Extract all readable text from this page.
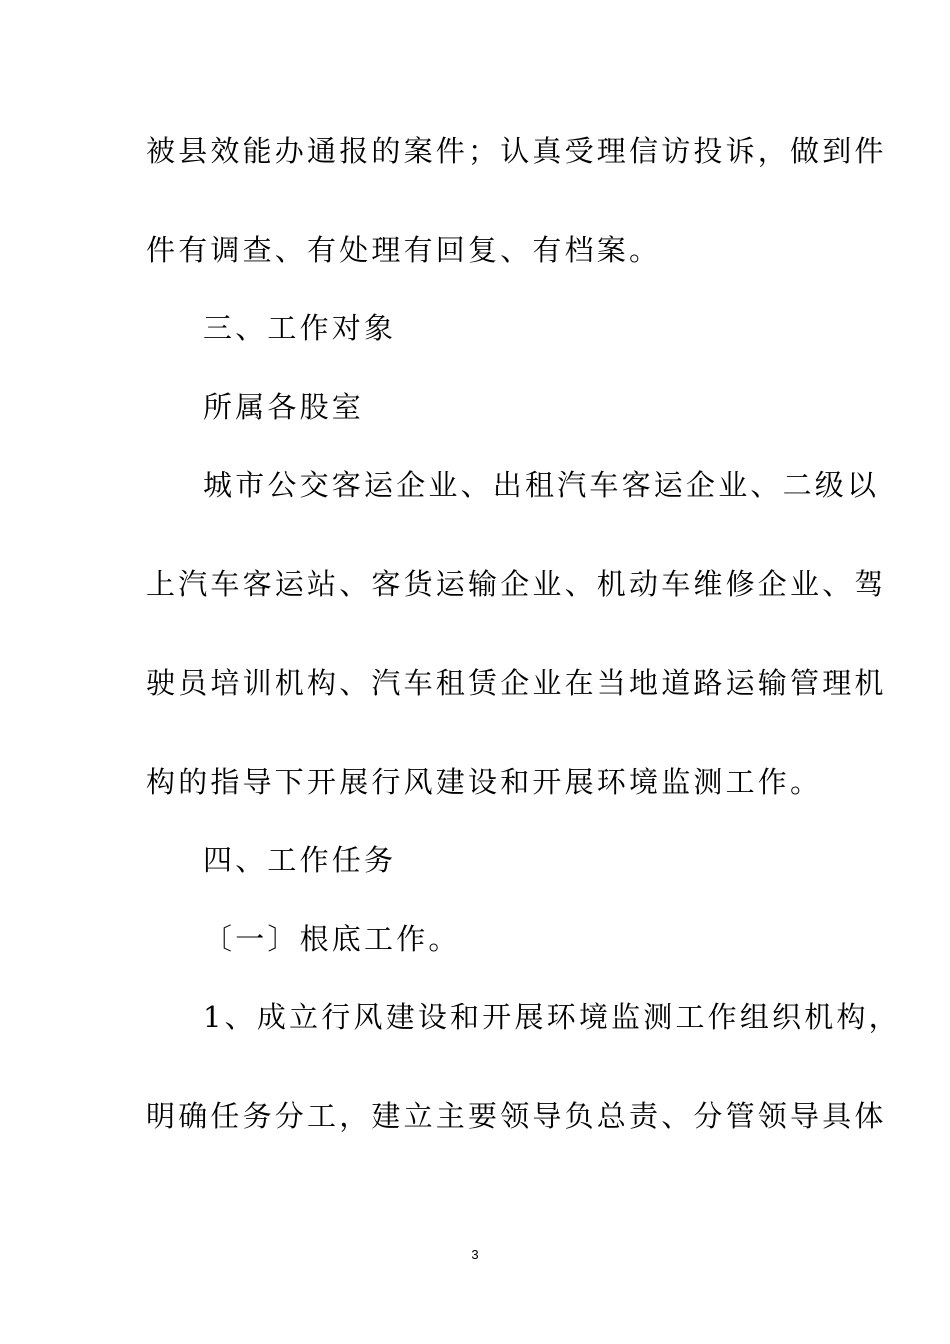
被县效能办通报的案件；认真受理信访投诉，做到件
件有调查、有处理有回复、有档案。
三、工作对象
所属各股室
城市公交客运企业、出租汽车客运企业、二级以
上汽车客运站、客货运输企业、机动车维修企业、驾
驶员培训机构、汽车租赁企业在当地道路运输管理机
构的指导下开展行风建设和开展环境监测工作。
四、工作任务
〔一〕根底工作。
1、成立行风建设和开展环境监测工作组织机构，
明确任务分工，建立主要领导负总责、分管领导具体
3
